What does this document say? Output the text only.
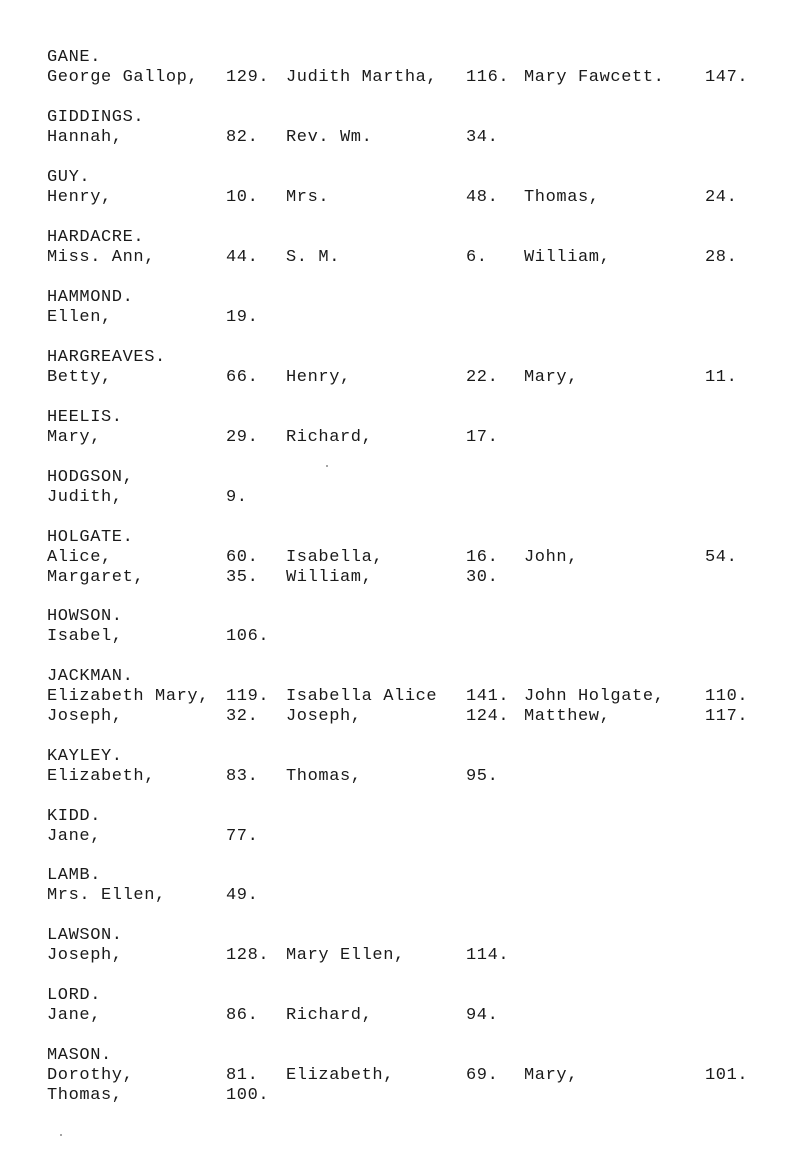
GANE.
George Gallop, 129. Judith Martha, 116. Mary Fawcett. 147.
GIDDINGS.
Hannah,	82. Rev. Wm.	34.
GUY.
Henry,	10. Mrs.	48. Thomas,	24.
HARDACRE.
Miss. Ann,	44. S. M.	6. William,	28.
HAMMOND.
Ellen,	19.
HARGREAVES.
Betty,	66. Henry,	22. Mary,	11.
HEELIS.
Mary,	29. Richard,	17.
HODGSON,
Judith,	9.
HOLGATE.
Alice,	60. Isabella,	16. John,	54.
Margaret,	35. William,	30.
HOWSON.
Isabel,	106.
JACKMAN.
Elizabeth Mary, 119. Isabella Alice 141. John Holgate, 110.
Joseph,	32. Joseph,	124. Matthew,	117.
KAYLEY.
Elizabeth,	83. Thomas,	95.
KIDD.
Jane,	77.
LAMB.
Mrs. Ellen,	49.
LAWSON.
Joseph,	128. Mary Ellen,	114.
LORD.
Jane,	86. Richard,	94.
MASON.
Dorothy,	81. Elizabeth,	69. Mary,	101.
Thomas,	100.
